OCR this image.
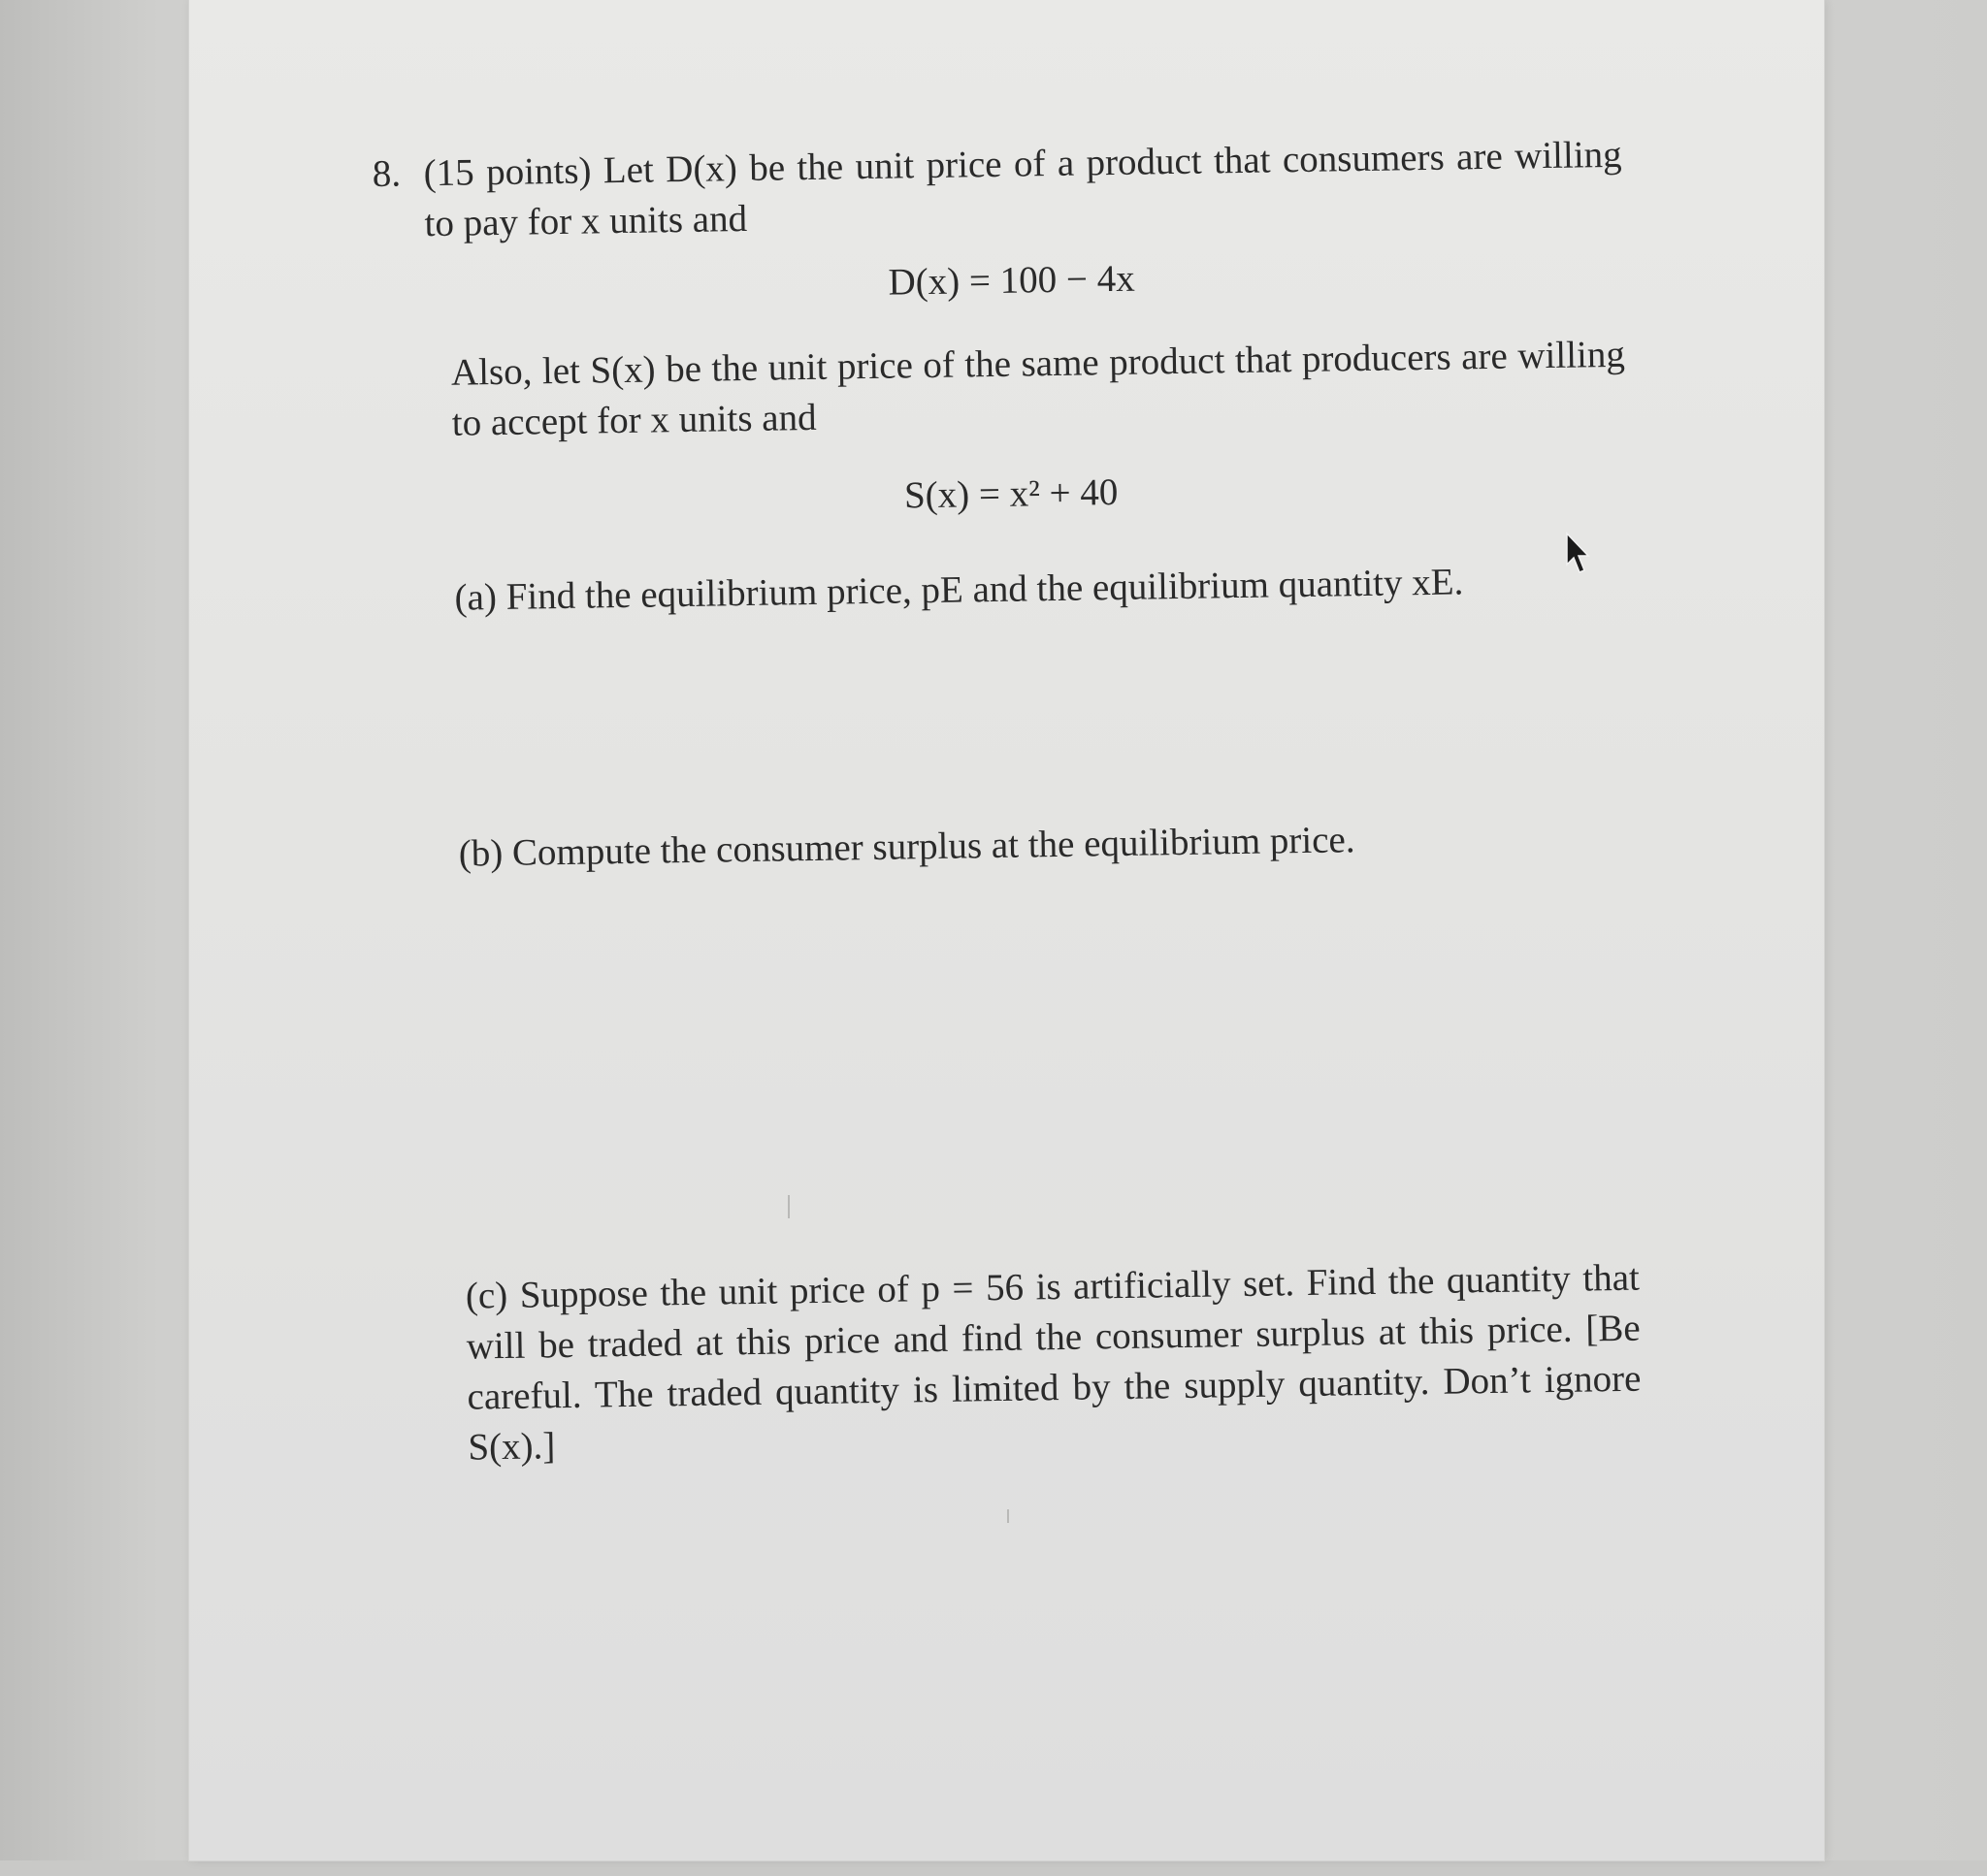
8. (15 points) Let D(x) be the unit price of a product that consumers are willing to pay for x units and
D(x) = 100 − 4x
Also, let S(x) be the unit price of the same product that producers are willing to accept for x units and
S(x) = x² + 40
(a) Find the equilibrium price, pE and the equilibrium quantity xE.
(b) Compute the consumer surplus at the equilibrium price.
(c) Suppose the unit price of p = 56 is artificially set. Find the quantity that will be traded at this price and find the consumer surplus at this price. [Be careful. The traded quantity is limited by the supply quantity. Don’t ignore S(x).]
